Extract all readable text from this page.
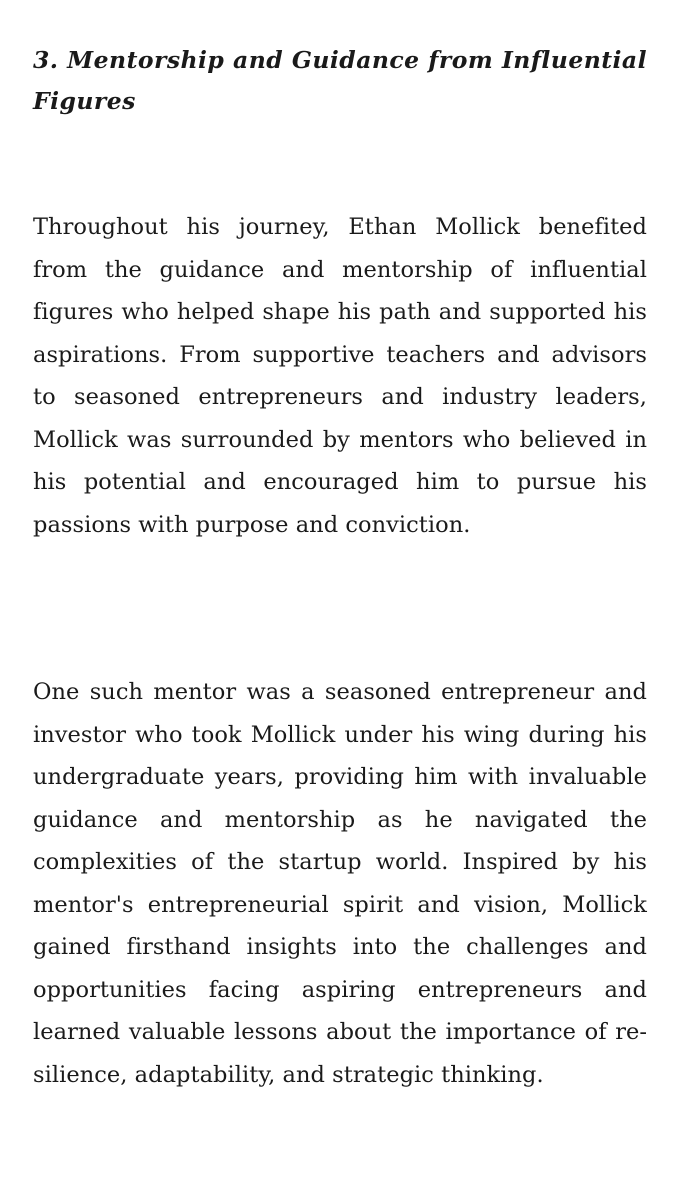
3. Mentorship and Guidance from Influential Figures

Throughout his journey, Ethan Mollick benefited from the guidance and mentorship of influential figures who helped shape his path and supported his aspirations. From supportive teachers and advisors to seasoned entrepreneurs and industry leaders, Mollick was surrounded by mentors who believed in his potential and encouraged him to pursue his passions with purpose and conviction.

One such mentor was a seasoned entrepreneur and investor who took Mollick under his wing during his undergraduate years, providing him with invaluable guidance and mentorship as he navigated the complexities of the startup world. Inspired by his mentor's entrepreneurial spirit and vision, Mollick gained firsthand insights into the challenges and opportunities facing aspiring entrepreneurs and learned valuable lessons about the importance of resilience, adaptability, and strategic thinking.
